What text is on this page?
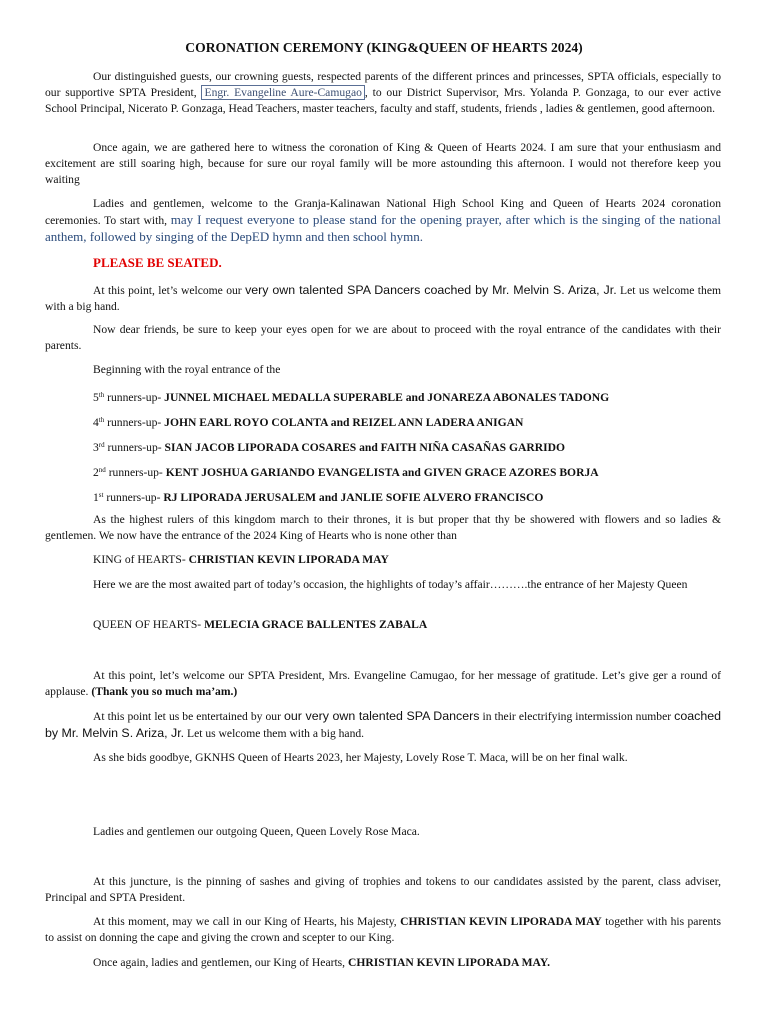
CORONATION CEREMONY (KING&QUEEN OF HEARTS 2024)

Our distinguished guests, our crowning guests, respected parents of the different princes and princesses, SPTA officials, especially to our supportive SPTA President, Engr. Evangeline Aure-Camugao , to our District Supervisor, Mrs. Yolanda P. Gonzaga, to our ever active School Principal, Nicerato P. Gonzaga, Head Teachers, master teachers, faculty and staff, students, friends , ladies & gentlemen, good afternoon.

Once again, we are gathered here to witness the coronation of King & Queen of Hearts 2024. I am sure that your enthusiasm and excitement are still soaring high, because for sure our royal family will be more astounding this afternoon. I would not therefore keep you waiting

Ladies and gentlemen, welcome to the Granja-Kalinawan National High School King and Queen of Hearts 2024 coronation ceremonies. To start with, may I request everyone to please stand for the opening prayer, after which is the singing of the national anthem, followed by singing of the DepED hymn and then school hymn.

PLEASE BE SEATED.

At this point, let’s welcome our very own talented SPA Dancers coached by Mr. Melvin S. Ariza, Jr. Let us welcome them with a big hand.

Now dear friends, be sure to keep your eyes open for we are about to proceed with the royal entrance of the candidates with their parents.

Beginning with the royal entrance of the

5th runners-up- JUNNEL MICHAEL MEDALLA SUPERABLE and JONAREZA ABONALES TADONG

4th runners-up- JOHN EARL ROYO COLANTA and REIZEL ANN LADERA ANIGAN

3rd runners-up- SIAN JACOB LIPORADA COSARES and FAITH NIÑA CASAÑAS GARRIDO

2nd runners-up- KENT JOSHUA GARIANDO EVANGELISTA and GIVEN GRACE AZORES BORJA

1st runners-up- RJ LIPORADA JERUSALEM and JANLIE SOFIE ALVERO FRANCISCO

As the highest rulers of this kingdom march to their thrones, it is but proper that thy be showered with flowers and so ladies & gentlemen. We now have the entrance of the 2024 King of Hearts who is none other than

KING of HEARTS- CHRISTIAN KEVIN LIPORADA MAY

Here we are the most awaited part of today’s occasion, the highlights of today’s affair……….the entrance of her Majesty Queen

QUEEN OF HEARTS- MELECIA GRACE BALLENTES ZABALA

At this point, let’s welcome our SPTA President, Mrs. Evangeline Camugao, for her message of gratitude. Let’s give ger a round of applause. (Thank you so much ma’am.)

At this point let us be entertained by our our very own talented SPA Dancers in their electrifying intermission number coached by Mr. Melvin S. Ariza, Jr. Let us welcome them with a big hand.

As she bids goodbye, GKNHS Queen of Hearts 2023, her Majesty, Lovely Rose T. Maca, will be on her final walk.

Ladies and gentlemen our outgoing Queen, Queen Lovely Rose Maca.

At this juncture, is the pinning of sashes and giving of trophies and tokens to our candidates assisted by the parent, class adviser, Principal and SPTA President.

At this moment, may we call in our King of Hearts, his Majesty, CHRISTIAN KEVIN LIPORADA MAY together with his parents to assist on donning the cape and giving the crown and scepter to our King.

Once again, ladies and gentlemen, our King of Hearts, CHRISTIAN KEVIN LIPORADA MAY.
